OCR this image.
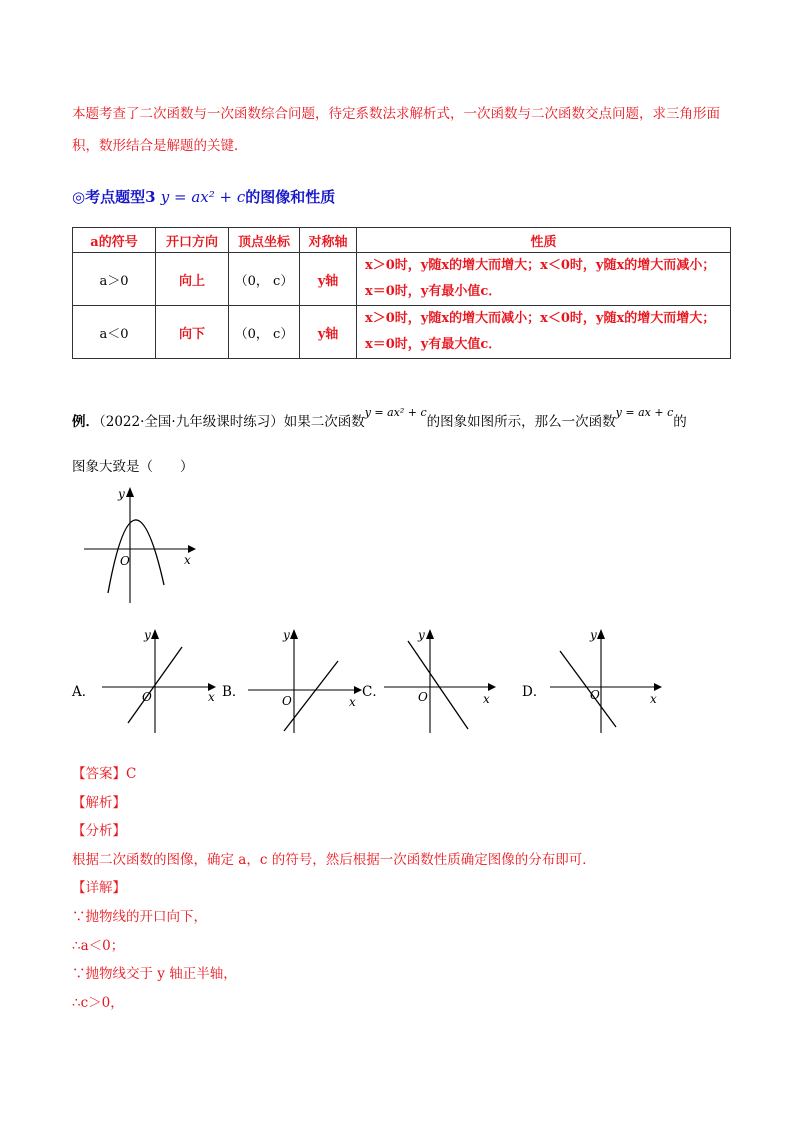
本题考查了二次函数与一次函数综合问题，待定系数法求解析式，一次函数与二次函数交点问题，求三角形面积，数形结合是解题的关键．
◎考点题型3 y = ax² + c的图像和性质
a的符号	开口方向	顶点坐标	对称轴	性质
a＞0	向上	（0， c）	y轴	x＞0时，y随x的增大而增大；x＜0时，y随x的增大而减小；x＝0时，y有最小值c．
a＜0	向下	（0， c）	y轴	x＞0时，y随x的增大而减小；x＜0时，y随x的增大而增大；x＝0时，y有最大值c．
例．（2022·全国·九年级课时练习）如果二次函数$^{y = ax^2 + c}$的图象如图所示，那么一次函数$^{y = ax + c}$的
图象大致是（　　）
x
y
O
A．	x
y
O	B．
x
y
O
C．	x
y
O	D．	x
y
O
【答案】C
【解析】
【分析】
根据二次函数的图像，确定 a，c 的符号，然后根据一次函数性质确定图像的分布即可．
【详解】
∵抛物线的开口向下，
∴a＜0；
∵抛物线交于 y 轴正半轴，
∴c＞0，
